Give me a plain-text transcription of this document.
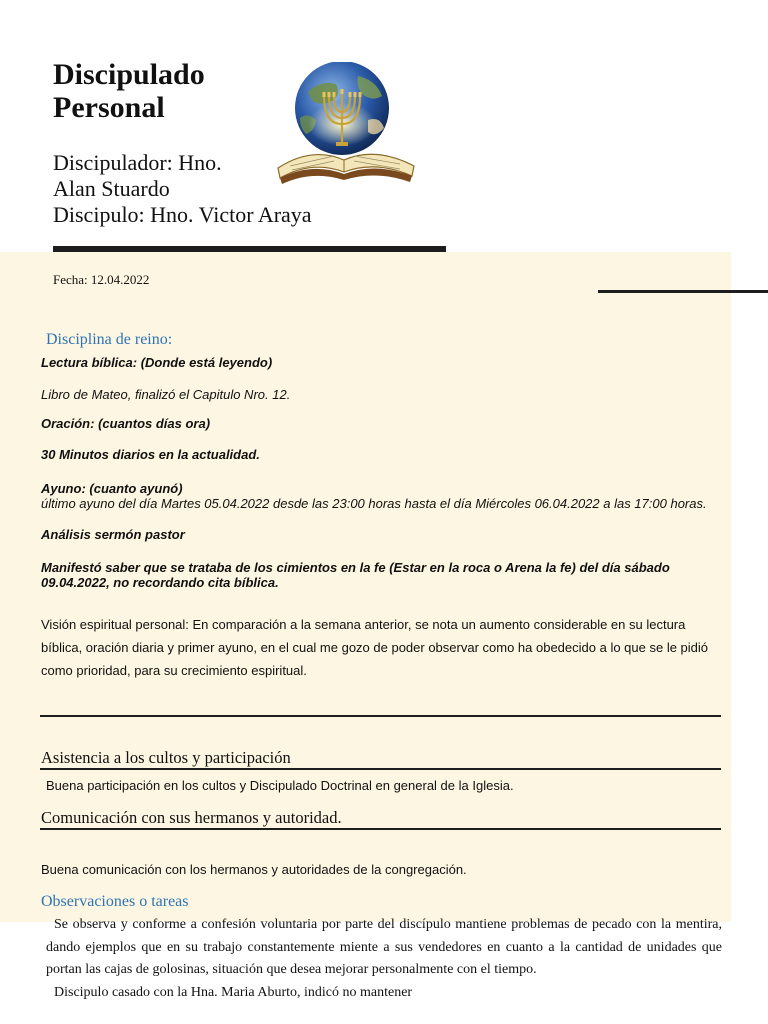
Discipulado
Personal
Discipulador: Hno.
Alan Stuardo
Discipulo: Hno. Victor Araya
Fecha: 12.04.2022
Disciplina de reino:
Lectura bíblica: (Donde está leyendo)
Libro de Mateo, finalizó el Capitulo Nro. 12.
Oración: (cuantos días ora)
30 Minutos diarios en la actualidad.
Ayuno: (cuanto ayunó)
último ayuno del día Martes 05.04.2022 desde las 23:00 horas hasta el día Miércoles 06.04.2022 a las 17:00 horas.
Análisis sermón pastor
Manifestó saber que se trataba de los cimientos en la fe (Estar en la roca o Arena la fe) del día sábado 09.04.2022, no recordando cita bíblica.
Visión espiritual personal: En comparación a la semana anterior, se nota un aumento considerable en su lectura bíblica, oración diaria y primer ayuno, en el cual me gozo de poder observar como ha obedecido a lo que se le pidió como prioridad, para su crecimiento espiritual.
Asistencia a los cultos y participación
Buena participación en los cultos y Discipulado Doctrinal en general de la Iglesia.
Comunicación con sus hermanos y autoridad.
Buena comunicación con los hermanos y autoridades de la congregación.
Observaciones o tareas
Se observa y conforme a confesión voluntaria por parte del discípulo mantiene problemas de pecado con la mentira, dando ejemplos que en su trabajo constantemente miente a sus vendedores en cuanto a la cantidad de unidades que portan las cajas de golosinas, situación que desea mejorar personalmente con el tiempo.
Discipulo casado con la Hna. Maria Aburto, indicó no mantener
